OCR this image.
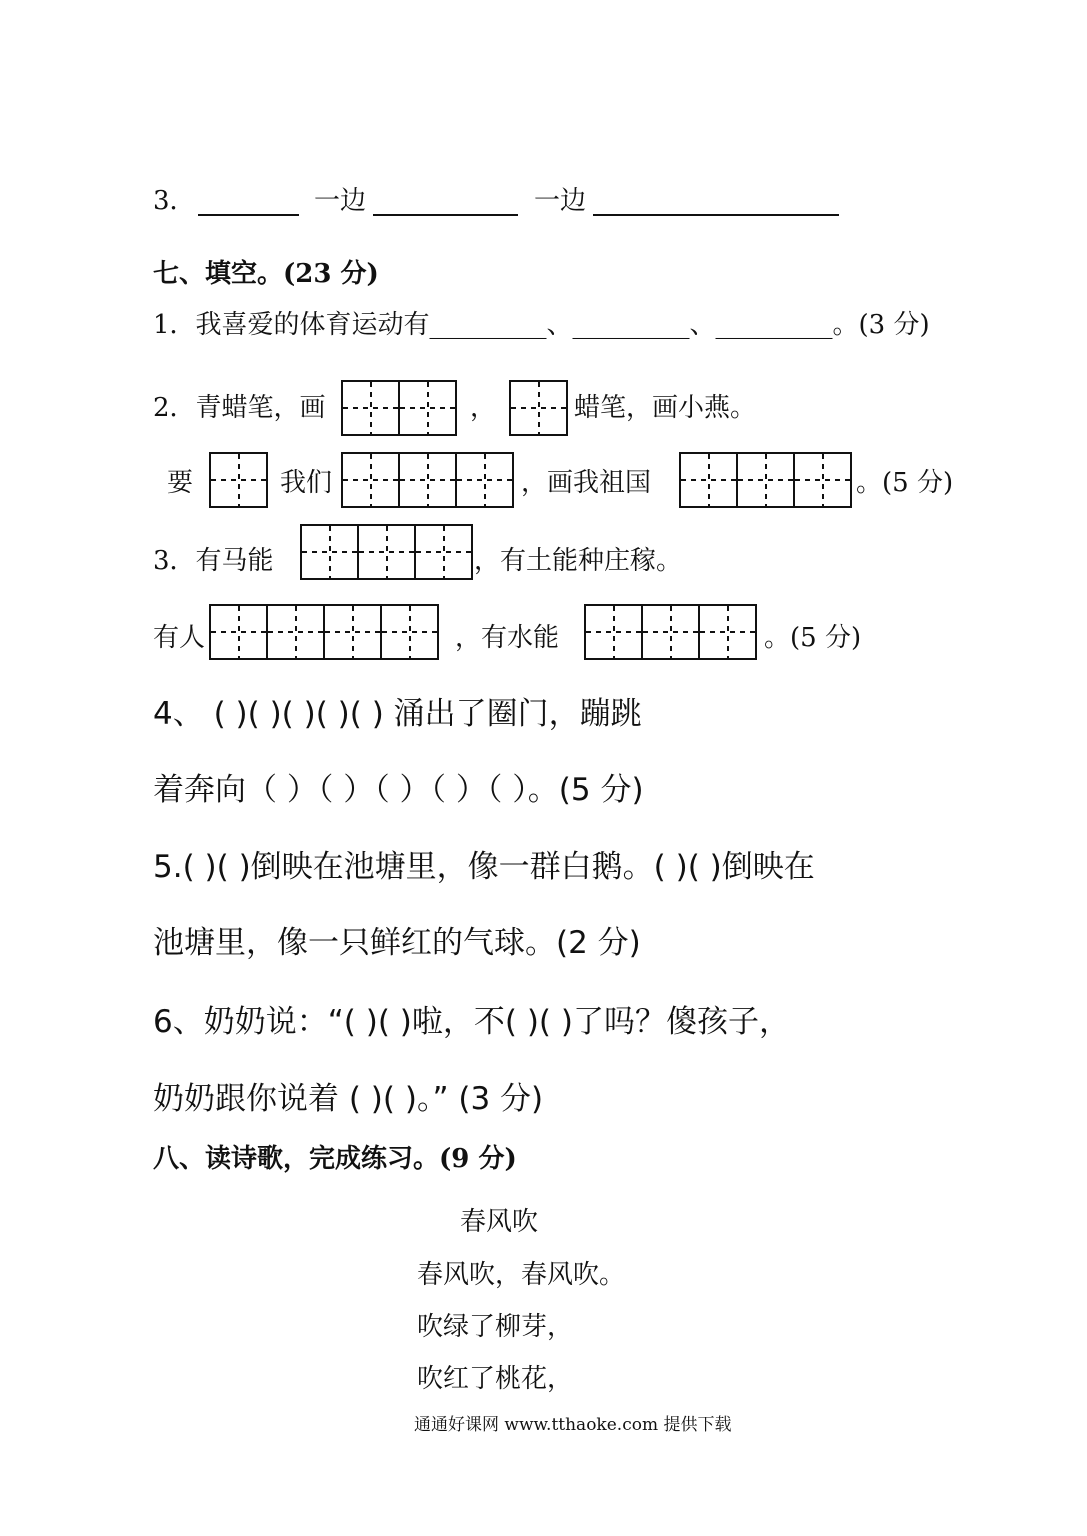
3．	一边	一边
七、填空。(23 分)
1．我喜爱的体育运动有_________、_________、_________。(3 分)
2．青蜡笔，画	，	蜡笔，画小燕。
要	我们	，画我祖国	。(5 分)
3．有马能	，有土能种庄稼。
有人	，有水能	。(5 分)
4、 ( )( )( )( )( ) 涌出了圈门，蹦跳
着奔向（ ）（ ）（ ）（ ）（ ）。(5 分)
5.( )( )倒映在池塘里，像一群白鹅。( )( )倒映在
池塘里，像一只鲜红的气球。(2 分)
6、奶奶说：“( )( )啦，不( )( )了吗？傻孩子，
奶奶跟你说着 ( )( )。” (3 分)
八、读诗歌，完成练习。(9 分)
春风吹
春风吹，春风吹。
吹绿了柳芽，
吹红了桃花，
通通好课网 www.tthaoke.com 提供下载
